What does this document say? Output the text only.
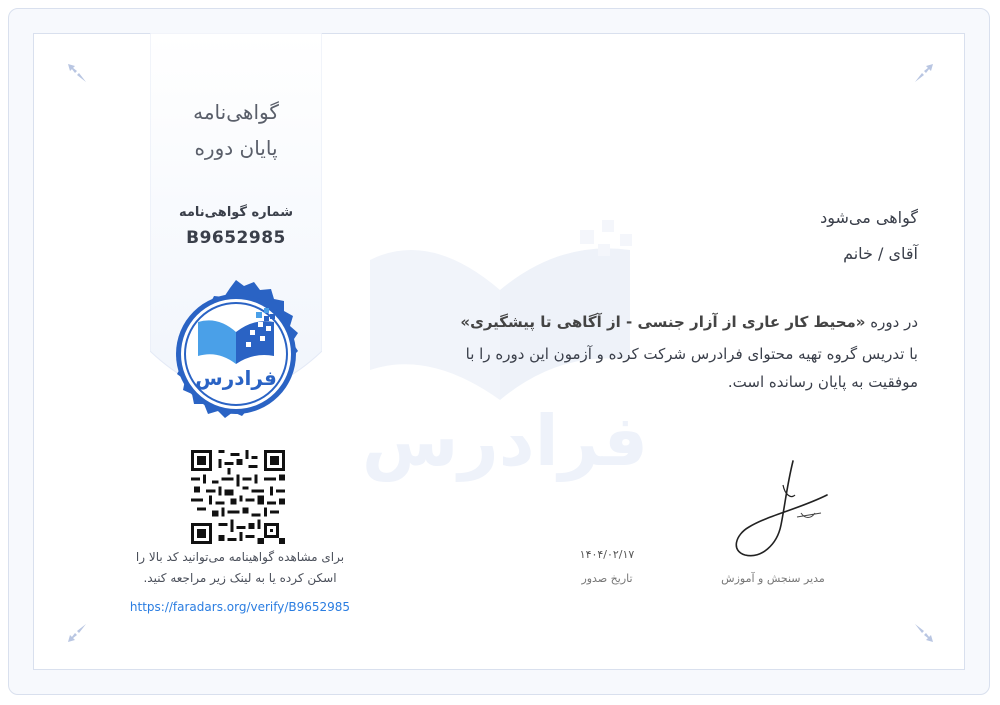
گواهی‌نامه
پایان دوره
شماره گواهی‌نامه
B9652985
فرادرس
برای مشاهده گواهینامه می‌توانید کد بالا را
اسکن کرده یا به لینک زیر مراجعه کنید.
https://faradars.org/verify/B9652985
فرادرس
گواهی می‌شود
آقای / خانم
در دوره «محیط کار عاری از آزار جنسی - از آگاهی تا پیشگیری»
با تدریس گروه تهیه محتوای فرادرس شرکت کرده و آزمون این دوره را با
موفقیت به پایان رسانده است.
۱۴۰۴/۰۲/۱۷
تاریخ صدور	مدیر سنجش و آموزش
